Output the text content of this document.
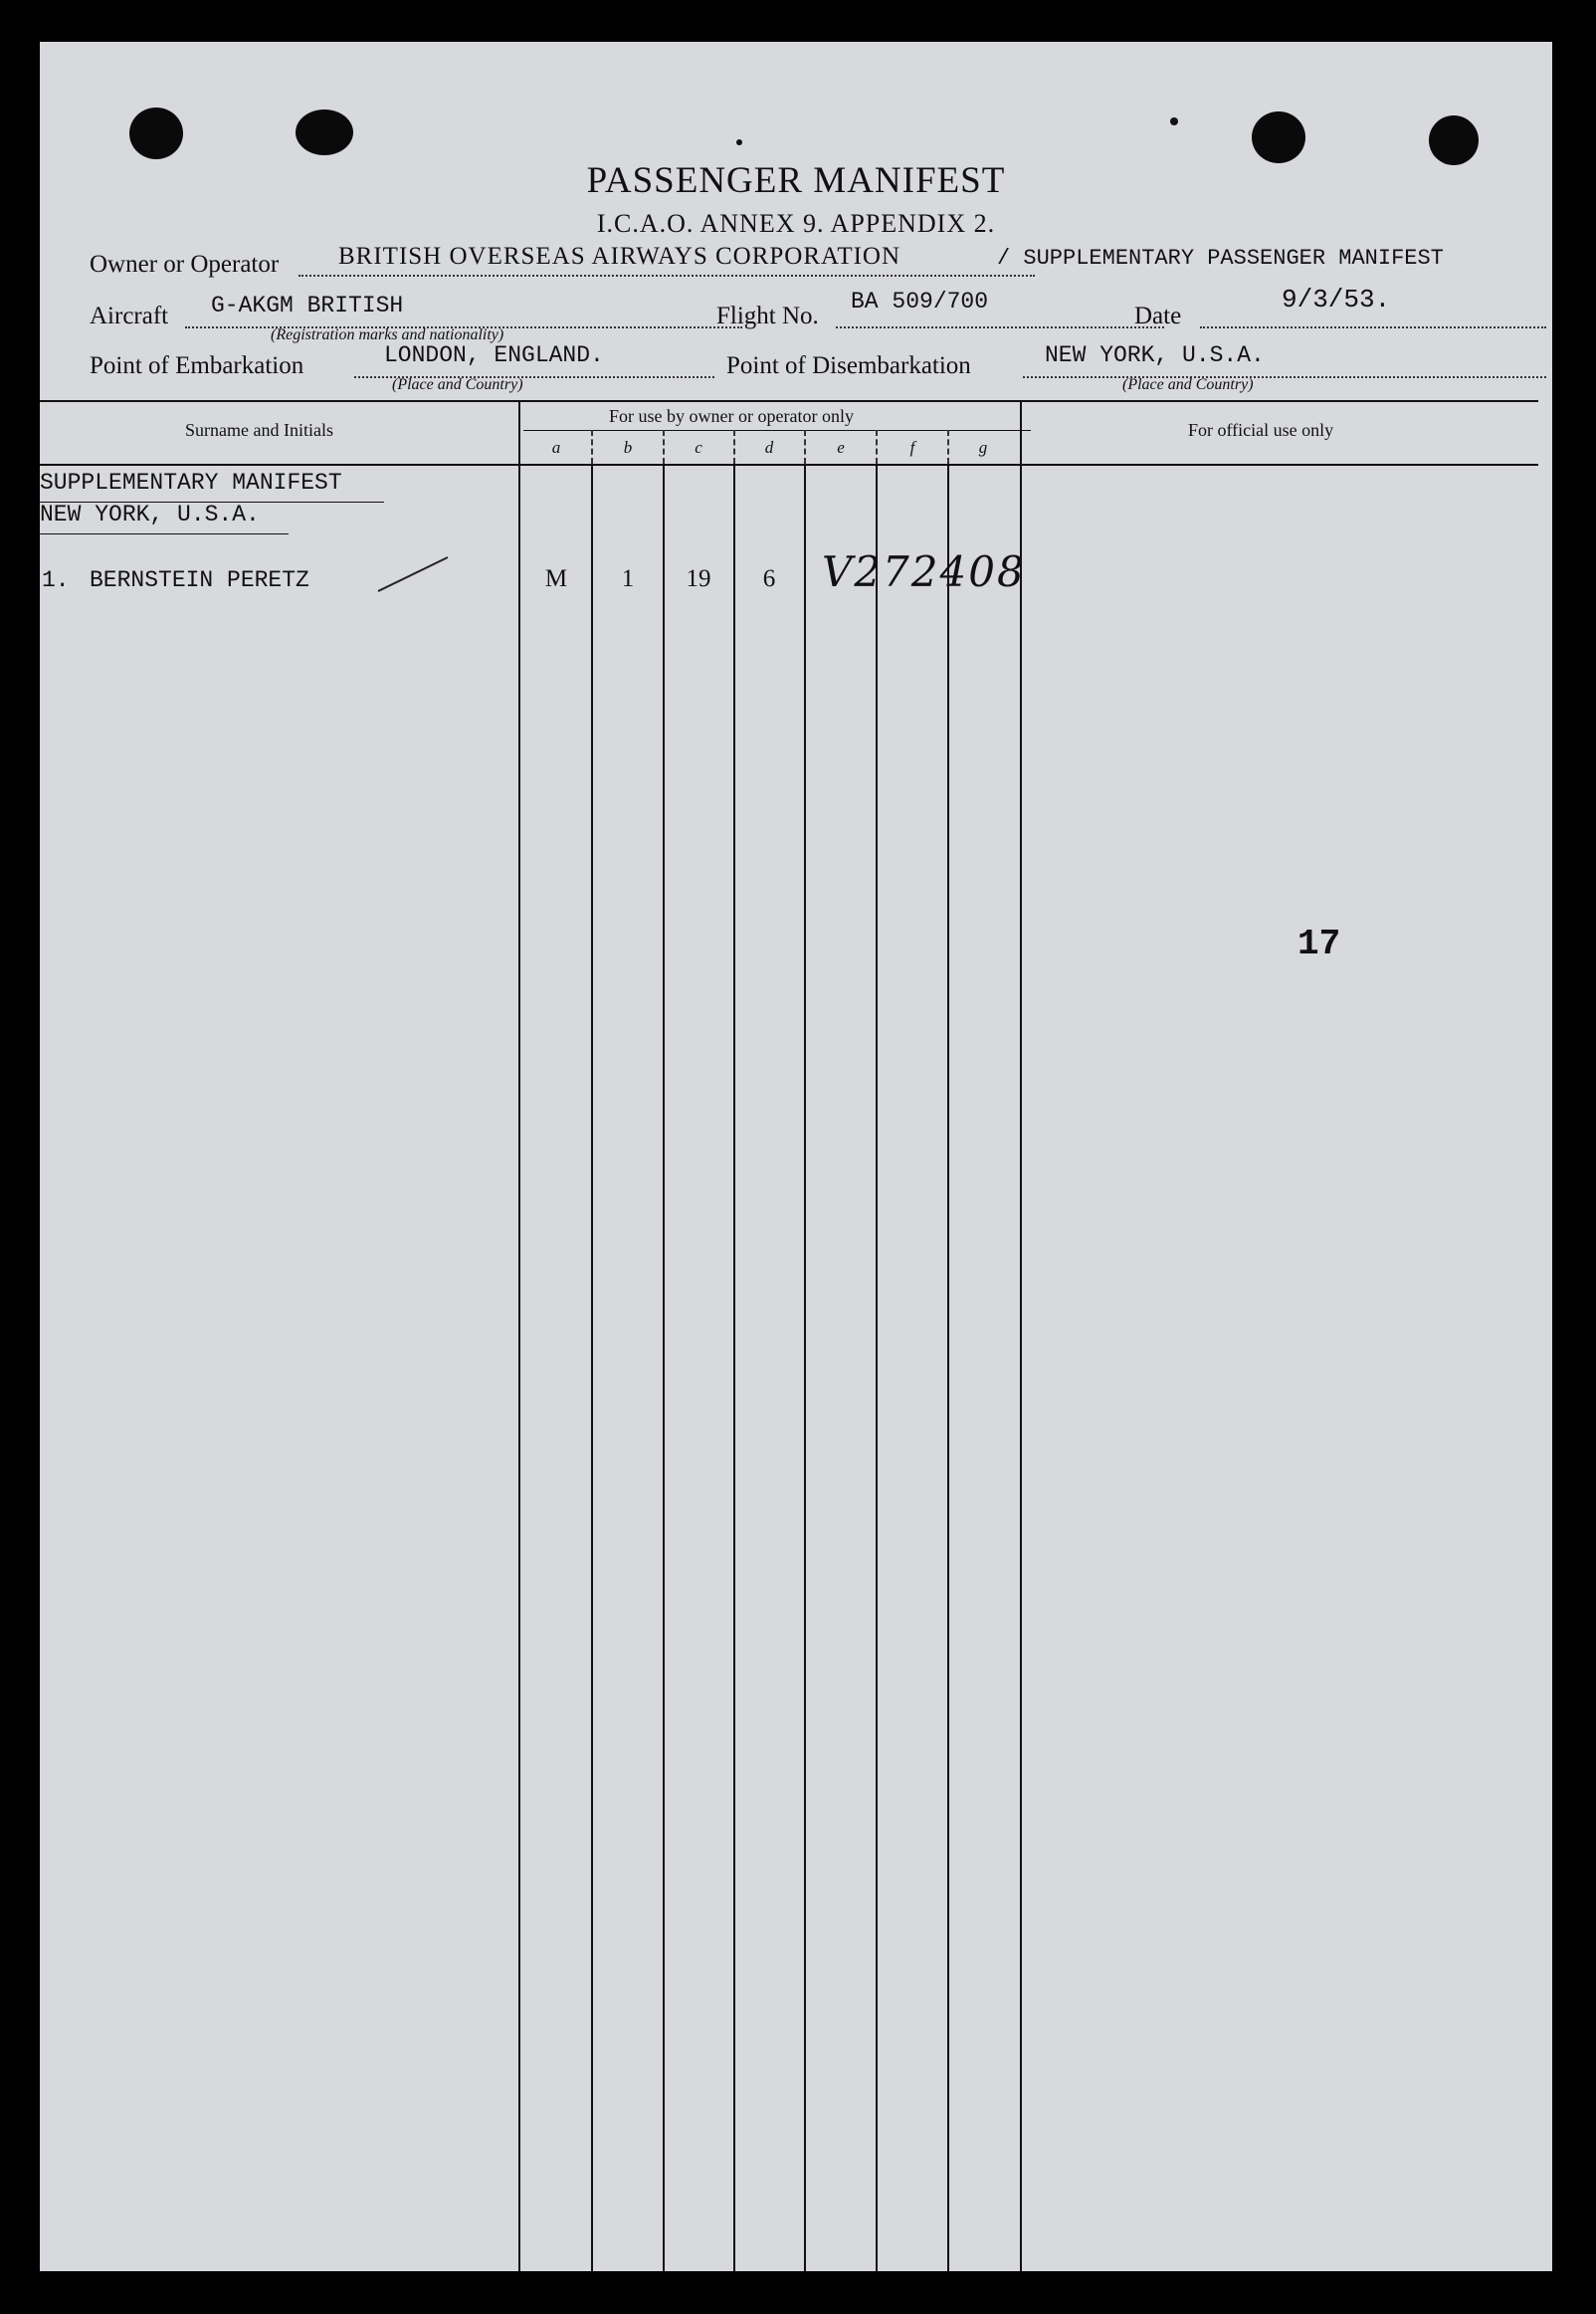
PASSENGER MANIFEST
I.C.A.O. ANNEX 9. APPENDIX 2.
Owner or Operator BRITISH OVERSEAS AIRWAYS CORPORATION	/ SUPPLEMENTARY PASSENGER MANIFEST
Aircraft G-AKGM BRITISH
(Registration marks and nationality)
Flight No.
BA 509/700
Date
9/3/53.
Point of Embarkation	LONDON, ENGLAND.
(Place and Country)
Point of Disembarkation	NEW YORK, U.S.A.
(Place and Country)
Surname and Initials
For use by owner or operator only
For official use only
a	b	c	d	e	f	g
SUPPLEMENTARY MANIFEST
NEW YORK, U.S.A.
1. BERNSTEIN PERETZ	M	1	19	6	V272408
17
